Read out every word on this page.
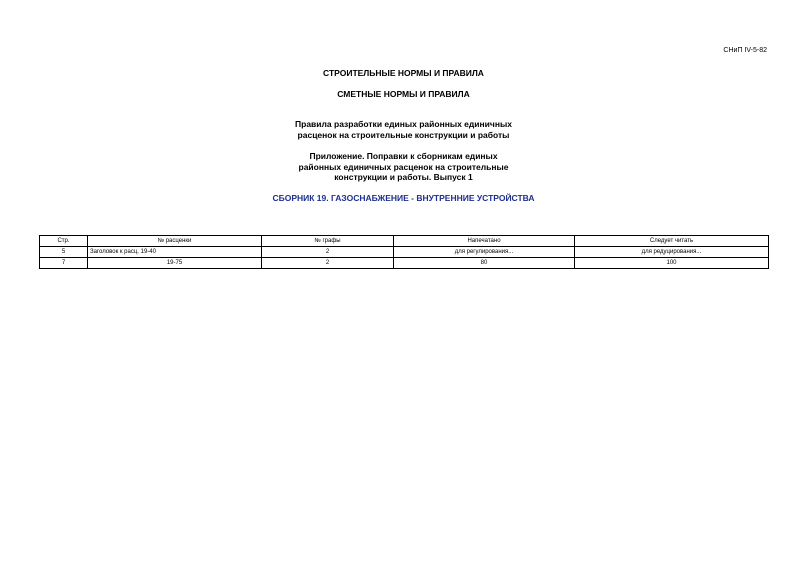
СНиП IV-5-82
СТРОИТЕЛЬНЫЕ НОРМЫ И ПРАВИЛА
СМЕТНЫЕ НОРМЫ И ПРАВИЛА
Правила разработки единых районных единичных
расценок на строительные конструкции и работы
Приложение. Поправки к сборникам единых
районных единичных расценок на строительные
конструкции и работы. Выпуск 1
СБОРНИК 19. ГАЗОСНАБЖЕНИЕ - ВНУТРЕННИЕ УСТРОЙСТВА
Стр.	№ расценки	№ графы	Напечатано	Следует читать
5	Заголовок к расц. 19-40	2	для регулирования...	для редуцирования...
7	19-75	2	80	100
